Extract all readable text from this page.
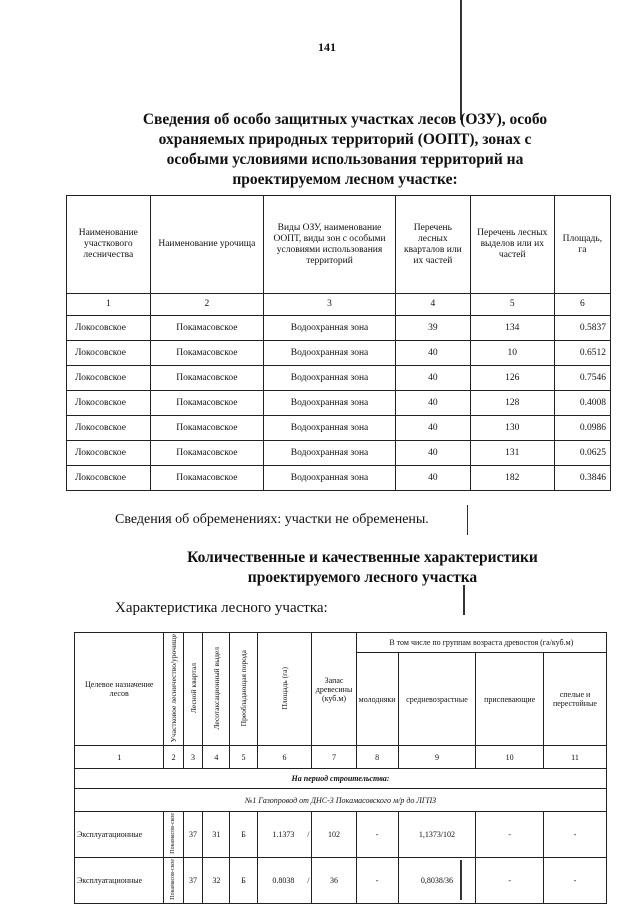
141
Сведения об особо защитных участках лесов (ОЗУ), особо охраняемых природных территорий (ООПТ), зонах с особыми условиями использования территорий на проектируемом лесном участке:
Наименование участкового лесничества	Наименование урочища	Виды ОЗУ, наименование ООПТ, виды зон с особыми условиями использования территорий	Перечень лесных кварталов или их частей	Перечень лесных выделов или их частей	Площадь, га
1	2	3	4	5	6
Локосовское	Покамасовское	Водоохранная зона	39	134	0.5837
Локосовское	Покамасовское	Водоохранная зона	40	10	0.6512
Локосовское	Покамасовское	Водоохранная зона	40	126	0.7546
Локосовское	Покамасовское	Водоохранная зона	40	128	0.4008
Локосовское	Покамасовское	Водоохранная зона	40	130	0.0986
Локосовское	Покамасовское	Водоохранная зона	40	131	0.0625
Локосовское	Покамасовское	Водоохранная зона	40	182	0.3846
Сведения об обременениях: участки не обременены.
Количественные и качественные характеристики проектируемого лесного участка
Характеристика лесного участка:
Целевое назначение лесов	Участковое лесничество/урочище	Лесной квартал	Лесотаксационный выдел	Преобладающая порода	Площадь (га)	Запас древесины (куб.м)	В том числе по группам возраста древостоя (га/куб.м)			
							молодняки	средневозрастные	приспевающие	спелые и перестойные
1	2	3	4	5	6	7	8	9	10	11
На период строительства:										
№1 Газопровод от ДНС-3 Покамасовского м/р до ЛГПЗ										
Эксплуатационные	Покамасов-ское	37	31	Б	1.1373 /	102	-	1,1373/102	-	-
Эксплуатационные	Покамасов-ское	37	32	Б	0.8038 /	36	-	0,8038/36	-	-
